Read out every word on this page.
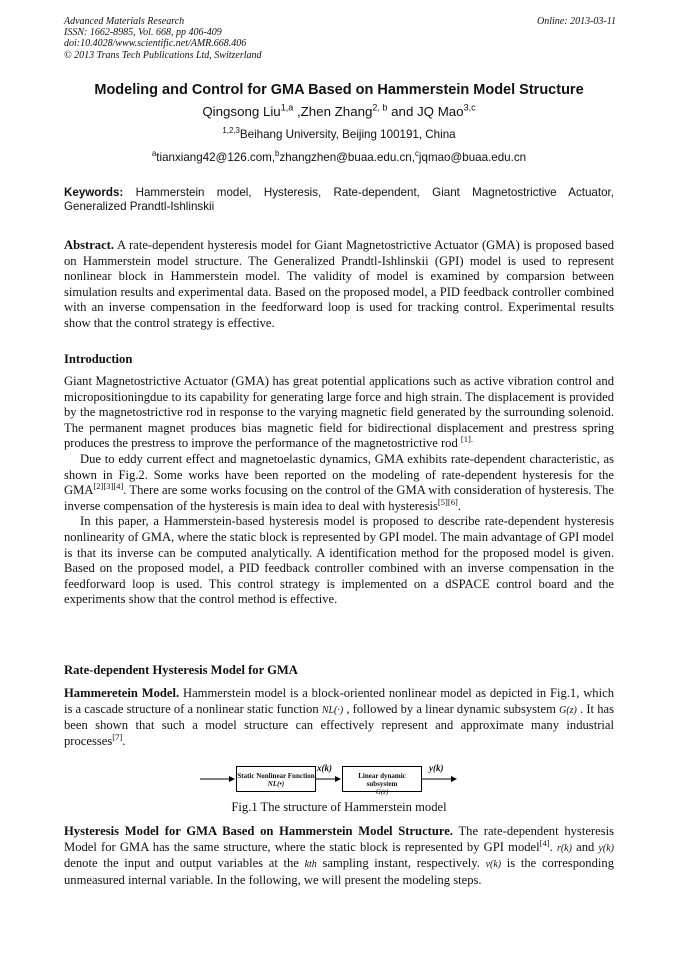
Advanced Materials Research
ISSN: 1662-8985, Vol. 668, pp 406-409
doi:10.4028/www.scientific.net/AMR.668.406
© 2013 Trans Tech Publications Ltd, Switzerland
Online: 2013-03-11
Modeling and Control for GMA Based on Hammerstein Model Structure
Qingsong Liu$^{1,a}$ ,Zhen Zhang$^{2, b}$ and JQ Mao$^{3,c}$
$^{1,2,3}$Beihang University, Beijing 100191, China
$^a$tianxiang42@126.com,$^b$zhangzhen@buaa.edu.cn,$^c$jqmao@buaa.edu.cn
Keywords: Hammerstein model, Hysteresis, Rate-dependent, Giant Magnetostrictive Actuator, Generalized Prandtl-Ishlinskii
Abstract. A rate-dependent hysteresis model for Giant Magnetostrictive Actuator (GMA) is proposed based on Hammerstein model structure. The Generalized Prandtl-Ishlinskii (GPI) model is used to represent nonlinear block in Hammerstein model. The validity of model is examined by comparsion between simulation results and experimental data. Based on the proposed model, a PID feedback controller combined with an inverse compensation in the feedforward loop is used for tracking control. Experimental results show that the control strategy is effective.
Introduction

Giant Magnetostrictive Actuator (GMA) has great potential applications such as active vibration control and micropositioningdue to its capability for generating large force and high strain. The displacement is provided by the magnetostrictive rod in response to the varying magnetic field generated by the surrounding solenoid. The permanent magnet produces bias magnetic field for bidirectional displacement and prestress spring produces the prestress to improve the performance of the magnetostrictive rod $^{[1].}$

Due to eddy current effect and magnetoelastic dynamics, GMA exhibits rate-dependent characteristic, as shown in Fig.2. Some works have been reported on the modeling of rate-dependent hysteresis for the GMA[2][3][4]. There are some works focusing on the control of the GMA with consideration of hysteresis. The inverse compensation of the hysteresis is main idea to deal with hysteresis[5][6].

In this paper, a Hammerstein-based hysteresis model is proposed to describe rate-dependent hysteresis nonlinearity of GMA, where the static block is represented by GPI model. The main advantage of GPI model is that its inverse can be computed analytically. A identification method for the proposed model is given. Based on the proposed model, a PID feedback controller combined with an inverse compensation in the feedforward loop is used. This control strategy is implemented on a dSPACE control board and the experiments show that the control method is effective.

Rate-dependent Hysteresis Model for GMA
Hammeretein Model. Hammerstein model is a block-oriented nonlinear model as depicted in Fig.1, which is a cascade structure of a nonlinear static function NL(·) , followed by a linear dynamic subsystem G(z) . It has been shown that such a model structure can effectively represent and approximate many industrial processes[7].
Static Nonlinear Function
NL(•)
x(k)
Linear dynamic subsystem
G(z)
y(k)
Fig.1 The structure of Hammerstein model
Hysteresis Model for GMA Based on Hammerstein Model Structure. The rate-dependent hysteresis Model for GMA has the same structure, where the static block is represented by GPI model[4]. r(k) and y(k) denote the input and output variables at the kth sampling instant, respectively. v(k) is the corresponding unmeasured internal variable. In the following, we will present the modeling steps.
